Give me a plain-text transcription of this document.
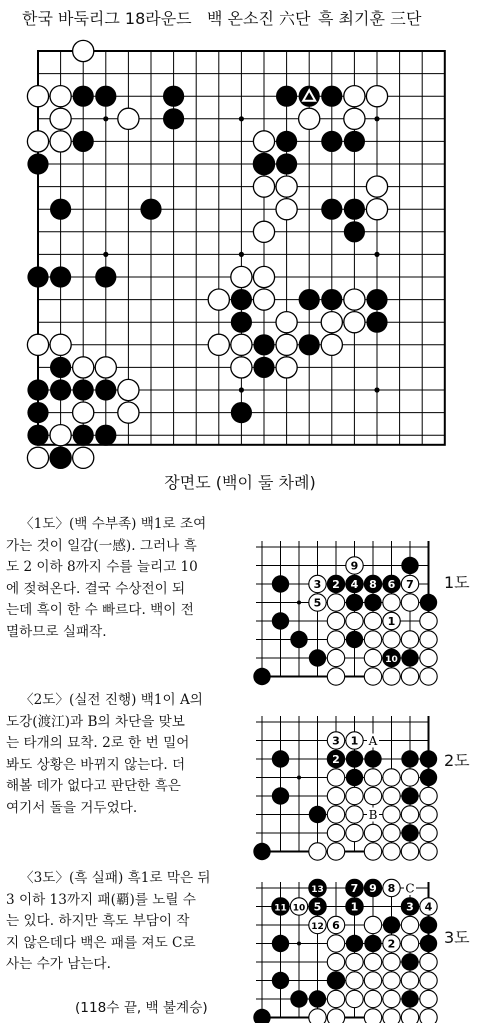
한국 바둑리그 18라운드 백 온소진 六단 흑 최기훈 三단
장면도 (백이 둘 차례)
〈1도〉(백 수부족) 백1로 조여
가는 것이 일감(一感). 그러나 흑
도 2 이하 8까지 수를 늘리고 10
에 젖혀온다. 결국 수상전이 되
는데 흑이 한 수 빠르다. 백이 전
멸하므로 실패작.
9
3 2 4 8 6 7
5
1
10
1도
〈2도〉(실전 진행) 백1이 A의
도강(渡江)과 B의 차단을 맞보
는 타개의 묘착. 2로 한 번 밀어
봐도 상황은 바뀌지 않는다. 더
해볼 데가 없다고 판단한 흑은
여기서 돌을 거두었다.
2도
〈3도〉(흑 실패) 흑1로 막은 뒤
3 이하 13까지 패(覇)를 노릴 수
는 있다. 하지만 흑도 부담이 작
지 않은데다 백은 패를 져도 C로
사는 수가 남는다.
3도
(118수 끝, 백 불계승)
3 1
2
A
B
13 7 9 8
11 10 5	1	3 4
12 6
2
C
